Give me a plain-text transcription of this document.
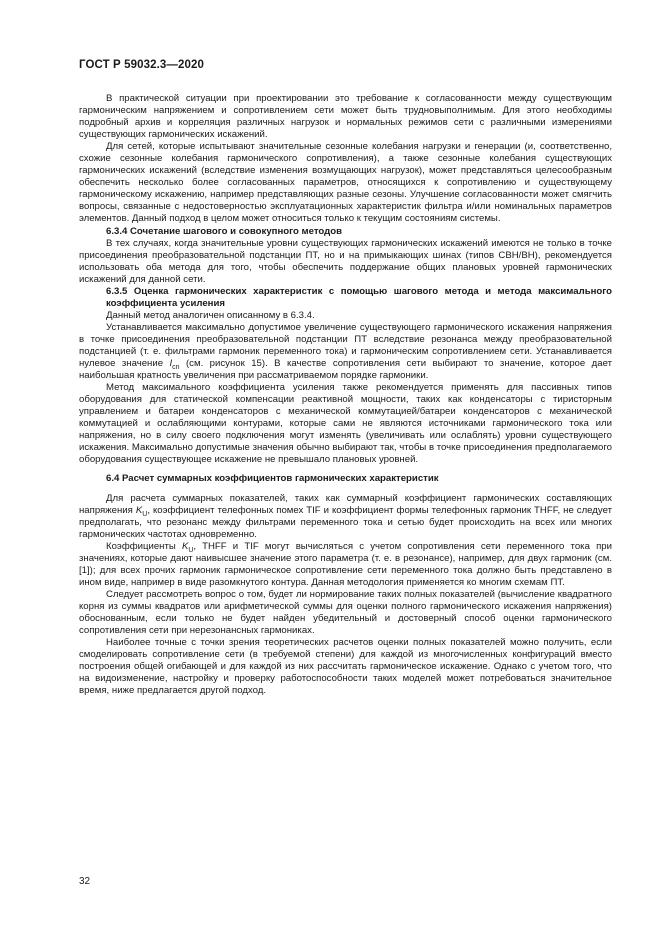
ГОСТ Р 59032.3—2020

В практической ситуации при проектировании это требование к согласованности между существующим гармоническим напряжением и сопротивлением сети может быть трудновыполнимым. Для этого необходимы подробный архив и корреляция различных нагрузок и нормальных режимов сети с различными измерениями существующих гармонических искажений.

Для сетей, которые испытывают значительные сезонные колебания нагрузки и генерации (и, соответственно, схожие сезонные колебания гармонического сопротивления), а также сезонные колебания существующих гармонических искажений (вследствие изменения возмущающих нагрузок), может представляться целесообразным обеспечить несколько более согласованных параметров, относящихся к сопротивлению и существующему гармоническому искажению, например представляющих разные сезоны. Улучшение согласованности может смягчить вопросы, связанные с недостоверностью эксплуатационных характеристик фильтра и/или номинальных параметров элементов. Данный подход в целом может относиться только к текущим состояниям системы.

6.3.4 Сочетание шагового и совокупного методов

В тех случаях, когда значительные уровни существующих гармонических искажений имеются не только в точке присоединения преобразовательной подстанции ПТ, но и на примыкающих шинах (типов СВН/ВН), рекомендуется использовать оба метода для того, чтобы обеспечить поддержание общих плановых уровней гармонических искажений для данной сети.

6.3.5 Оценка гармонических характеристик с помощью шагового метода и метода максимального коэффициента усиления

Данный метод аналогичен описанному в 6.3.4.

Устанавливается максимально допустимое увеличение существующего гармонического искажения напряжения в точке присоединения преобразовательной подстанции ПТ вследствие резонанса между преобразовательной подстанцией (т. е. фильтрами гармоник переменного тока) и гармоническим сопротивлением сети. Устанавливается нулевое значение $I_{cn}$ (см. рисунок 15). В качестве сопротивления сети выбирают то значение, которое дает наибольшая кратность увеличения при рассматриваемом порядке гармоники.

Метод максимального коэффициента усиления также рекомендуется применять для пассивных типов оборудования для статической компенсации реактивной мощности, таких как конденсаторы с тиристорным управлением и батареи конденсаторов с механической коммутацией/батареи конденсаторов с механической коммутацией и ослабляющими контурами, которые сами не являются источниками гармонического тока или напряжения, но в силу своего подключения могут изменять (увеличивать или ослаблять) уровни существующего искажения. Максимально допустимые значения обычно выбирают так, чтобы в точке присоединения предполагаемого оборудования существующее искажение не превышало плановых уровней.

6.4 Расчет суммарных коэффициентов гармонических характеристик

Для расчета суммарных показателей, таких как суммарный коэффициент гармонических составляющих напряжения $K_U$, коэффициент телефонных помех TIF и коэффициент формы телефонных гармоник THFF, не следует предполагать, что резонанс между фильтрами переменного тока и сетью будет происходить на всех или многих гармонических частотах одновременно.

Коэффициенты $K_U$, THFF и TIF могут вычисляться с учетом сопротивления сети переменного тока при значениях, которые дают наивысшее значение этого параметра (т. е. в резонансе), например, для двух гармоник (см. [1]); для всех прочих гармоник гармоническое сопротивление сети переменного тока должно быть представлено в ином виде, например в виде разомкнутого контура. Данная методология применяется ко многим схемам ПТ.

Следует рассмотреть вопрос о том, будет ли нормирование таких полных показателей (вычисление квадратного корня из суммы квадратов или арифметической суммы для оценки полного гармонического искажения напряжения) обоснованным, если только не будет найден убедительный и достоверный способ оценки гармонического сопротивления сети при нерезонансных гармониках.

Наиболее точные с точки зрения теоретических расчетов оценки полных показателей можно получить, если смоделировать сопротивление сети (в требуемой степени) для каждой из многочисленных конфигураций вместо построения общей огибающей и для каждой из них рассчитать гармоническое искажение. Однако с учетом того, что на видоизменение, настройку и проверку работоспособности таких моделей может потребоваться значительное время, ниже предлагается другой подход.

32
